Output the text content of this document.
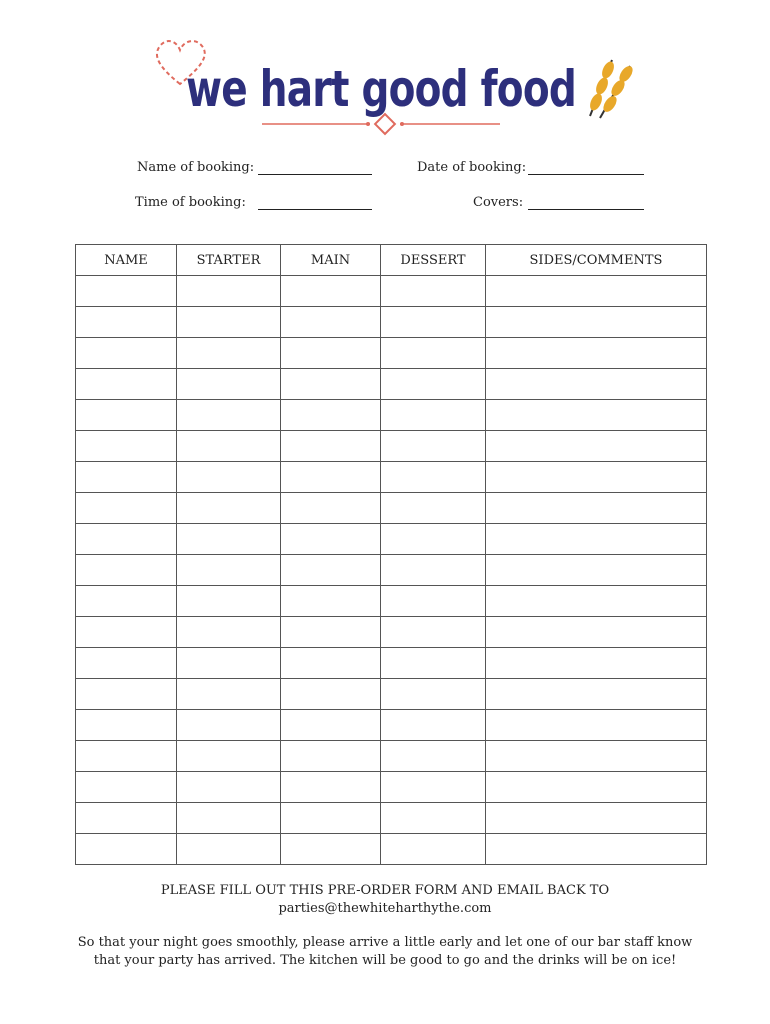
we hart good food
Name of booking:	Date of booking:
Time of booking:	Covers:
NAME	STARTER	MAIN	DESSERT	SIDES/COMMENTS

PLEASE FILL OUT THIS PRE-ORDER FORM AND EMAIL BACK TO
parties@thewhiteharthythe.com
So that your night goes smoothly, please arrive a little early and let one of our bar staff know
that your party has arrived. The kitchen will be good to go and the drinks will be on ice!
